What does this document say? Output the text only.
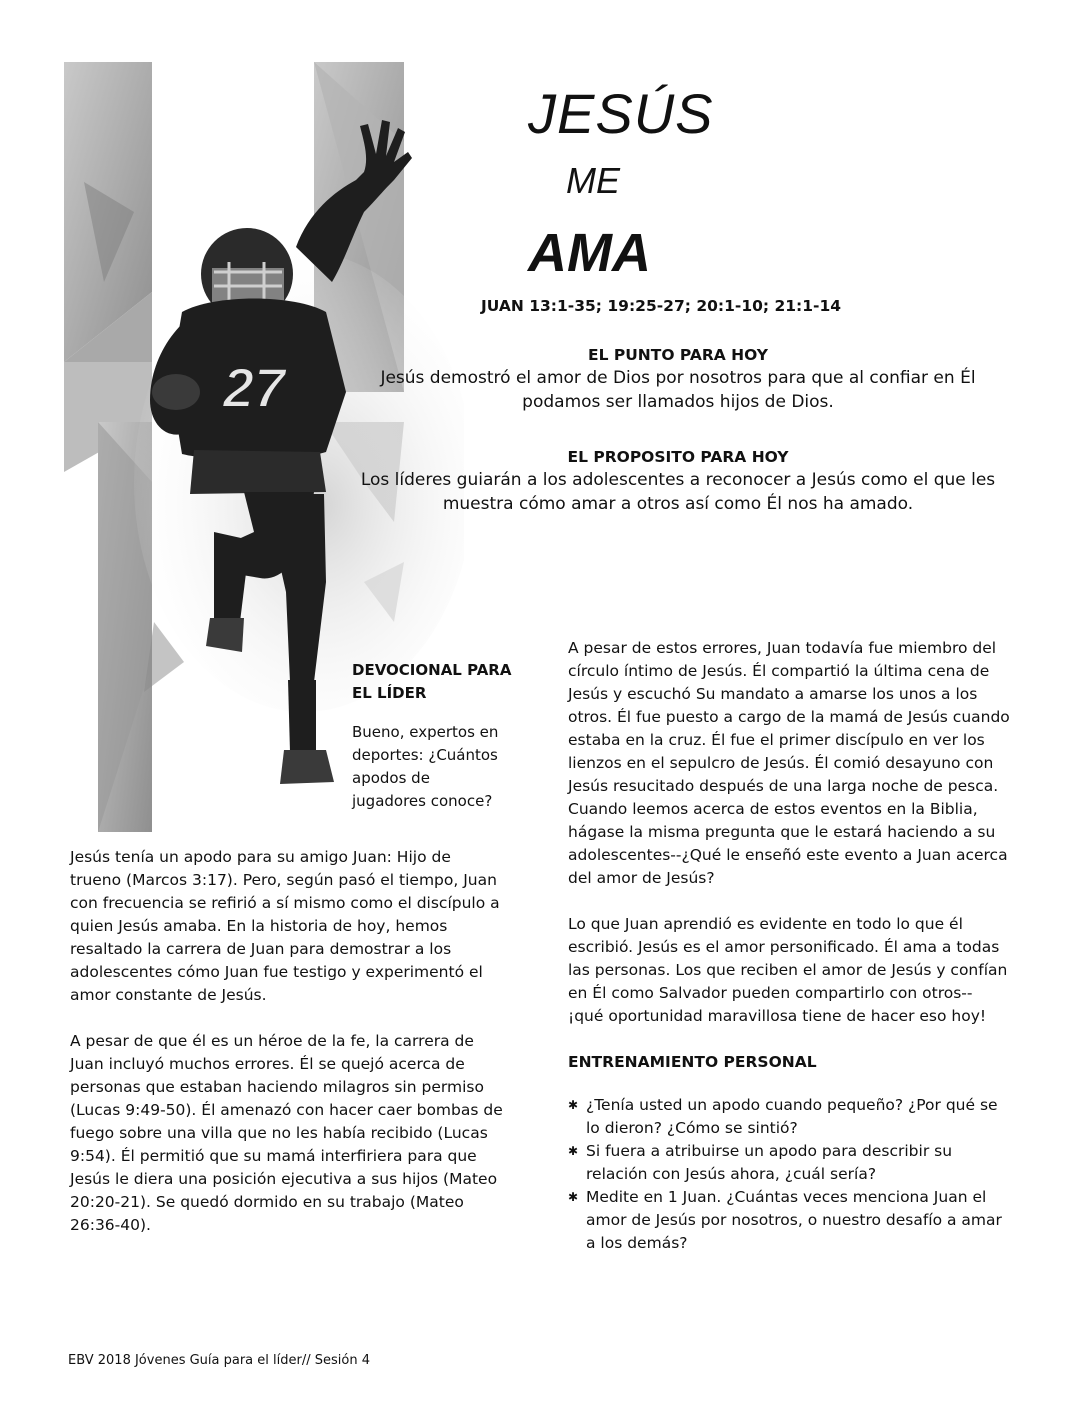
27
JESÚS
ME
AMA
JUAN 13:1-35; 19:25-27; 20:1-10; 21:1-14
EL PUNTO PARA HOY
Jesús demostró el amor de Dios por nosotros para que al confiar en Él
podamos ser llamados hijos de Dios.
EL PROPOSITO PARA HOY
Los líderes guiarán a los adolescentes a reconocer a Jesús como el que les
muestra cómo amar a otros así como Él nos ha amado.
DEVOCIONAL PARA
EL LÍDER

Bueno, expertos en
deportes: ¿Cuántos
apodos de
jugadores conoce?

Jesús tenía un apodo para su amigo Juan: Hijo de
trueno (Marcos 3:17). Pero, según pasó el tiempo, Juan
con frecuencia se refirió a sí mismo como el discípulo a
quien Jesús amaba. En la historia de hoy, hemos
resaltado la carrera de Juan para demostrar a los
adolescentes cómo Juan fue testigo y experimentó el
amor constante de Jesús.

A pesar de que él es un héroe de la fe, la carrera de
Juan incluyó muchos errores. Él se quejó acerca de
personas que estaban haciendo milagros sin permiso
(Lucas 9:49-50). Él amenazó con hacer caer bombas de
fuego sobre una villa que no les había recibido (Lucas
9:54). Él permitió que su mamá interfiriera para que
Jesús le diera una posición ejecutiva a sus hijos (Mateo
20:20-21). Se quedó dormido en su trabajo (Mateo
26:36-40).

A pesar de estos errores, Juan todavía fue miembro del
círculo íntimo de Jesús. Él compartió la última cena de
Jesús y escuchó Su mandato a amarse los unos a los
otros. Él fue puesto a cargo de la mamá de Jesús cuando
estaba en la cruz. Él fue el primer discípulo en ver los
lienzos en el sepulcro de Jesús. Él comió desayuno con
Jesús resucitado después de una larga noche de pesca.
Cuando leemos acerca de estos eventos en la Biblia,
hágase la misma pregunta que le estará haciendo a su
adolescentes--¿Qué le enseñó este evento a Juan acerca
del amor de Jesús?

Lo que Juan aprendió es evidente en todo lo que él
escribió. Jesús es el amor personificado. Él ama a todas
las personas. Los que reciben el amor de Jesús y confían
en Él como Salvador pueden compartirlo con otros--
¡qué oportunidad maravillosa tiene de hacer eso hoy!

ENTRENAMIENTO PERSONAL
✱ ¿Tenía usted un apodo cuando pequeño? ¿Por qué se
lo dieron? ¿Cómo se sintió?
✱ Si fuera a atribuirse un apodo para describir su
relación con Jesús ahora, ¿cuál sería?
✱ Medite en 1 Juan. ¿Cuántas veces menciona Juan el
amor de Jesús por nosotros, o nuestro desafío a amar
a los demás?
EBV 2018 Jóvenes Guía para el líder// Sesión 4
